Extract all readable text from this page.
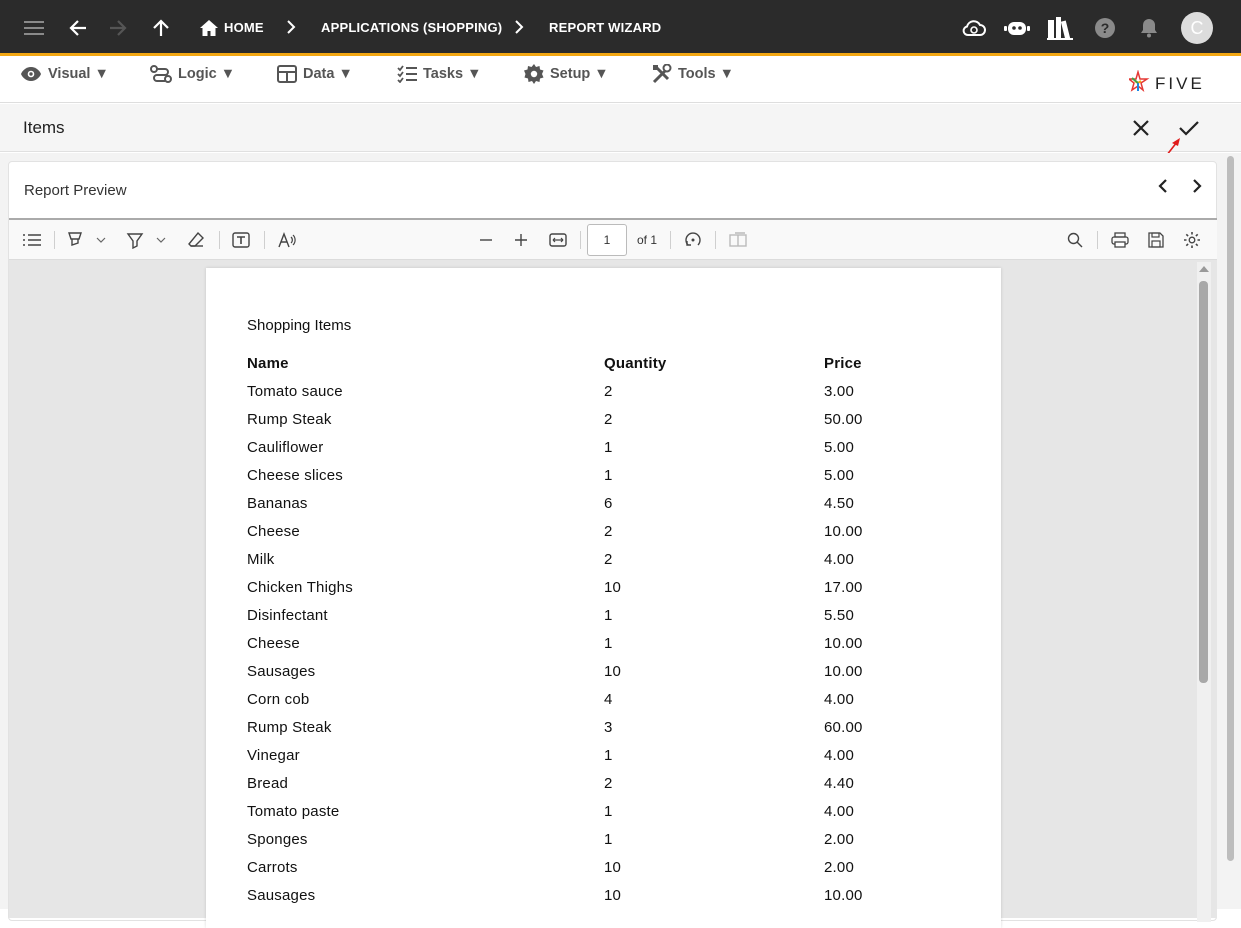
HOME	APPLICATIONS (SHOPPING)	REPORT WIZARD	?	C
Visual ▼	Logic ▼	Data ▼	Tasks ▼	Setup ▼	Tools ▼	FIVE
Items
Report Preview
1	of 1
Shopping Items
Name	Quantity	Price
Tomato sauce	2	3.00
Rump Steak	2	50.00
Cauliflower	1	5.00
Cheese slices	1	5.00
Bananas	6	4.50
Cheese	2	10.00
Milk	2	4.00
Chicken Thighs	10	17.00
Disinfectant	1	5.50
Cheese	1	10.00
Sausages	10	10.00
Corn cob	4	4.00
Rump Steak	3	60.00
Vinegar	1	4.00
Bread	2	4.40
Tomato paste	1	4.00
Sponges	1	2.00
Carrots	10	2.00
Sausages	10	10.00
